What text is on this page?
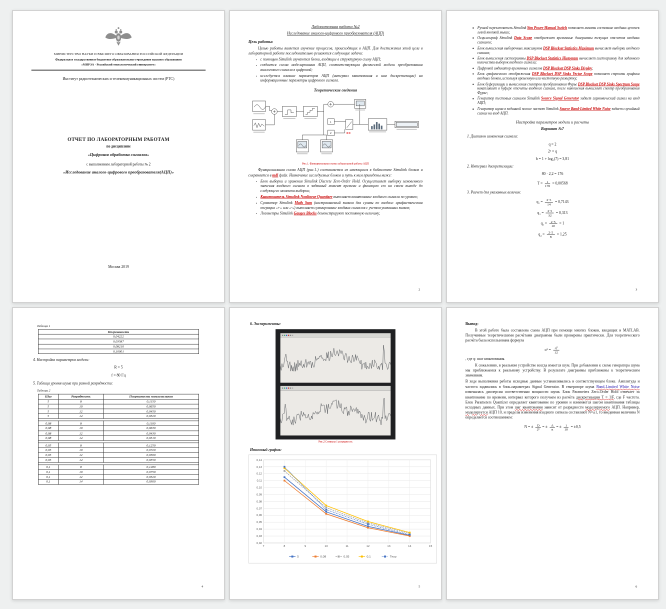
МИНИСТЕРСТВО НАУКИ И ВЫСШЕГО ОБРАЗОВАНИЯ РОССИЙСКОЙ ФЕДЕРАЦИИ
Федеральное государственное бюджетное образовательное учреждение высшего образования
«МИРЭА - Российский технологический университет»
Институт радиотехнических и телекоммуникационных систем (РТС)
ОТЧЕТ ПО ЛАБОРАТОРНЫМ РАБОТАМ
по дисциплине
«Цифровая обработка сигналов»
с выполнением лабораторной работы № 2
«Исследование аналого-цифрового преобразователя(АЦП)»
Москва 2019
Лабораторная работа №2
Исследование аналого-цифрового преобразователя (АЦП)
Цель работы:

Целью работы является изучение процессов, происходящих в АЦП. Для достижения этой цели в лабораторной работе последовательно решаются следующие задачи:

• с помощью Simulink изучаются блоки, входящие в структурную схему АЦП;
• создается схема моделирования АЦП, соответствующая физической модели преобразования аналогового сигнала в цифровой;
• исследуется влияние параметров АЦП (интервал квантования и шаг дискретизации) на информационные параметры цифрового сигнала.
Теоретические сведения
**
1
2
Рис.1. Функциональная схема лабораторной работы АЦП

Функциональная схема АЦП (рис.1.) составляется из имеющихся в библиотеке Simulink блоков и сохраняется в mdl файл. Назначение исследуемых блоков и путь к ним приведены ниже:

• Блок выборки и хранения Simulink Discrete Zero-Order Hold. Осуществляет выборку мгновенного значения входного сигнала в заданный момент времени и фиксацию его на своем выходе до следующего момента выборки;
• Квантователь Simulink Nonlinear Quantizer выполняет квантование входного сигнала по уровню;
• Сумматор Simulink Math Sum (настраиваемый знаком для суммы по входам: арифметическая операция «+» или «-») выполняет суммирование входных сигналов с учетом указанных знаков;
• Логометры Simulink Gauges Blocks демонстрируют постоянную величину;
2
• Ручной переключатель Simulink Sim Power Manual Switch позволяет менять состояние входных цепочек левой кнопкой мыши;
• Осциллограф Simulink Data Scope отображает временные диаграммы текущих отсчетов входных сигналов;
• Блок вычисления выборочных максимумов DSP Blockset Statistics Maximum вычисляет выборки входного сигнала;
• Блок вычисления гистограммы DSP Blockset Statistics Histogram вычисляет гистограмму для заданного количества выборок входного сигнала;
• Цифровой индикатор временных сигналов DSP Blockset DSP Sinks Display;
• Блок графического отображения DSP Blockset DSP Sinks Vector Scope позволяет строить графики входных блоков, используя временную или частотную развертку;
• Блок буферизации и вычисления спектров преобразования Фурье DSP Blockset DSP Sinks Spectrum Scope накапливает в буфере отсчеты входного сигнала, после накопления вычисляет спектр преобразования Фурье;
• Генератор тестовых сигналов Simulink Source Signal Generator задает гармонический сигнал на вход АЦП;
• Генератор шума в заданной полосе частот Simulink Source Band-Limited White Noise задает случайный сигнал на вход АЦП.
Настройка параметров модели и расчеты
Вариант №7
1. Диапазон изменения сигнала:
q = 2
2ᵇ = q
b = 1 + log₂(7) = 3,81
2. Интервал дискретизации:
80 · 2,2 = 176
$T = \frac{1}{176} = 0,00568$
3. Расчет для указанных величин:
$q_1 = \frac{2\cdot 5}{14} = 0,7143$
$q_2 = \frac{2\cdot 5}{32} = 0,313$
$q_3 = \frac{2\cdot 5}{10} = 1$
$q_4 = \frac{2\cdot 5}{8} = 1,25$
3
Таблица 1
Погрешности
0,04222
0,03587
0,08210
0,10001
4. Настройка параметров модели:
R = 5
f = 80 Гц
5. Таблица уровня шума при разной разрядности:
Таблица 2
Шаг	Разрядность	Погрешность максимальная
5	8	0,1150
5	10	0,0650
5	12	0,0450
5	14	0,0320

0,08	8	0,1100
0,08	10	0,0630
0,08	12	0,0430
0,08	14	0,0310

0,05	8	0,1250
0,05	10	0,0720
0,05	12	0,0500
0,05	14	0,0350

0,1	8	0,1280
0,1	10	0,0750
0,1	12	0,0520
0,1	14	0,0360
4
6. Эксперименты:
Рис.2 Спектры 1 разрядность
Итоговый график:
0,02
0,03
0,04
0,05
0,06
0,07
0,08
0,09
0,10
0,11
0,12
0,13
0,14
7	8	9	10	11	12	13	14	15
5	0,08 0,05 0,1	Теор
5
Вывод:

В этой работе была составлена схема АЦП при помощи многих блоков, входящих в MATLAB. Полученные теоретическими расчётами диаграммы были проверены практически. Для теоретического расчёта была использована формула

$\sigma^2 = \frac{\text{q²}}{12}$
, где q: шаг квантования.

К сожалению, в реальном устройстве всегда имеется шум. При добавлении к схеме генератора шума мы приближаемся к реальному устройству. В результате диаграммы приближены к теоретическим значениям.

В ходе выполнения работы исходные данные устанавливались в соответствующем блоке. Амплитуда и частота задавались в блок-параметрах Signal Generator. В генераторе шума Band-Limited White Noise изменялась дисперсия соответственно мощности шума. Блок Parameters Zero-Order Hold отвечает за квантование по времени, интервал которого получаем из расчёта дискретизации T = 1/F, где F частота. Блок Parameters Quantizer определяет квантование по уровню и изменяется шагом квантования таблицы исходных данных. При этом шаг квантования зависит от разрядности моделируемого АЦП. Например, моделируется АЦП 10, и пределы изменения входного сигнала составляют N=±1, то введенная величина N определяется соотношением:

N = ± $\frac{D}{\text{2ⁿ}}$ = ± $\frac{\Delta}{n}$ = ± $\frac{1}{10} = \pm 0,5$
6
